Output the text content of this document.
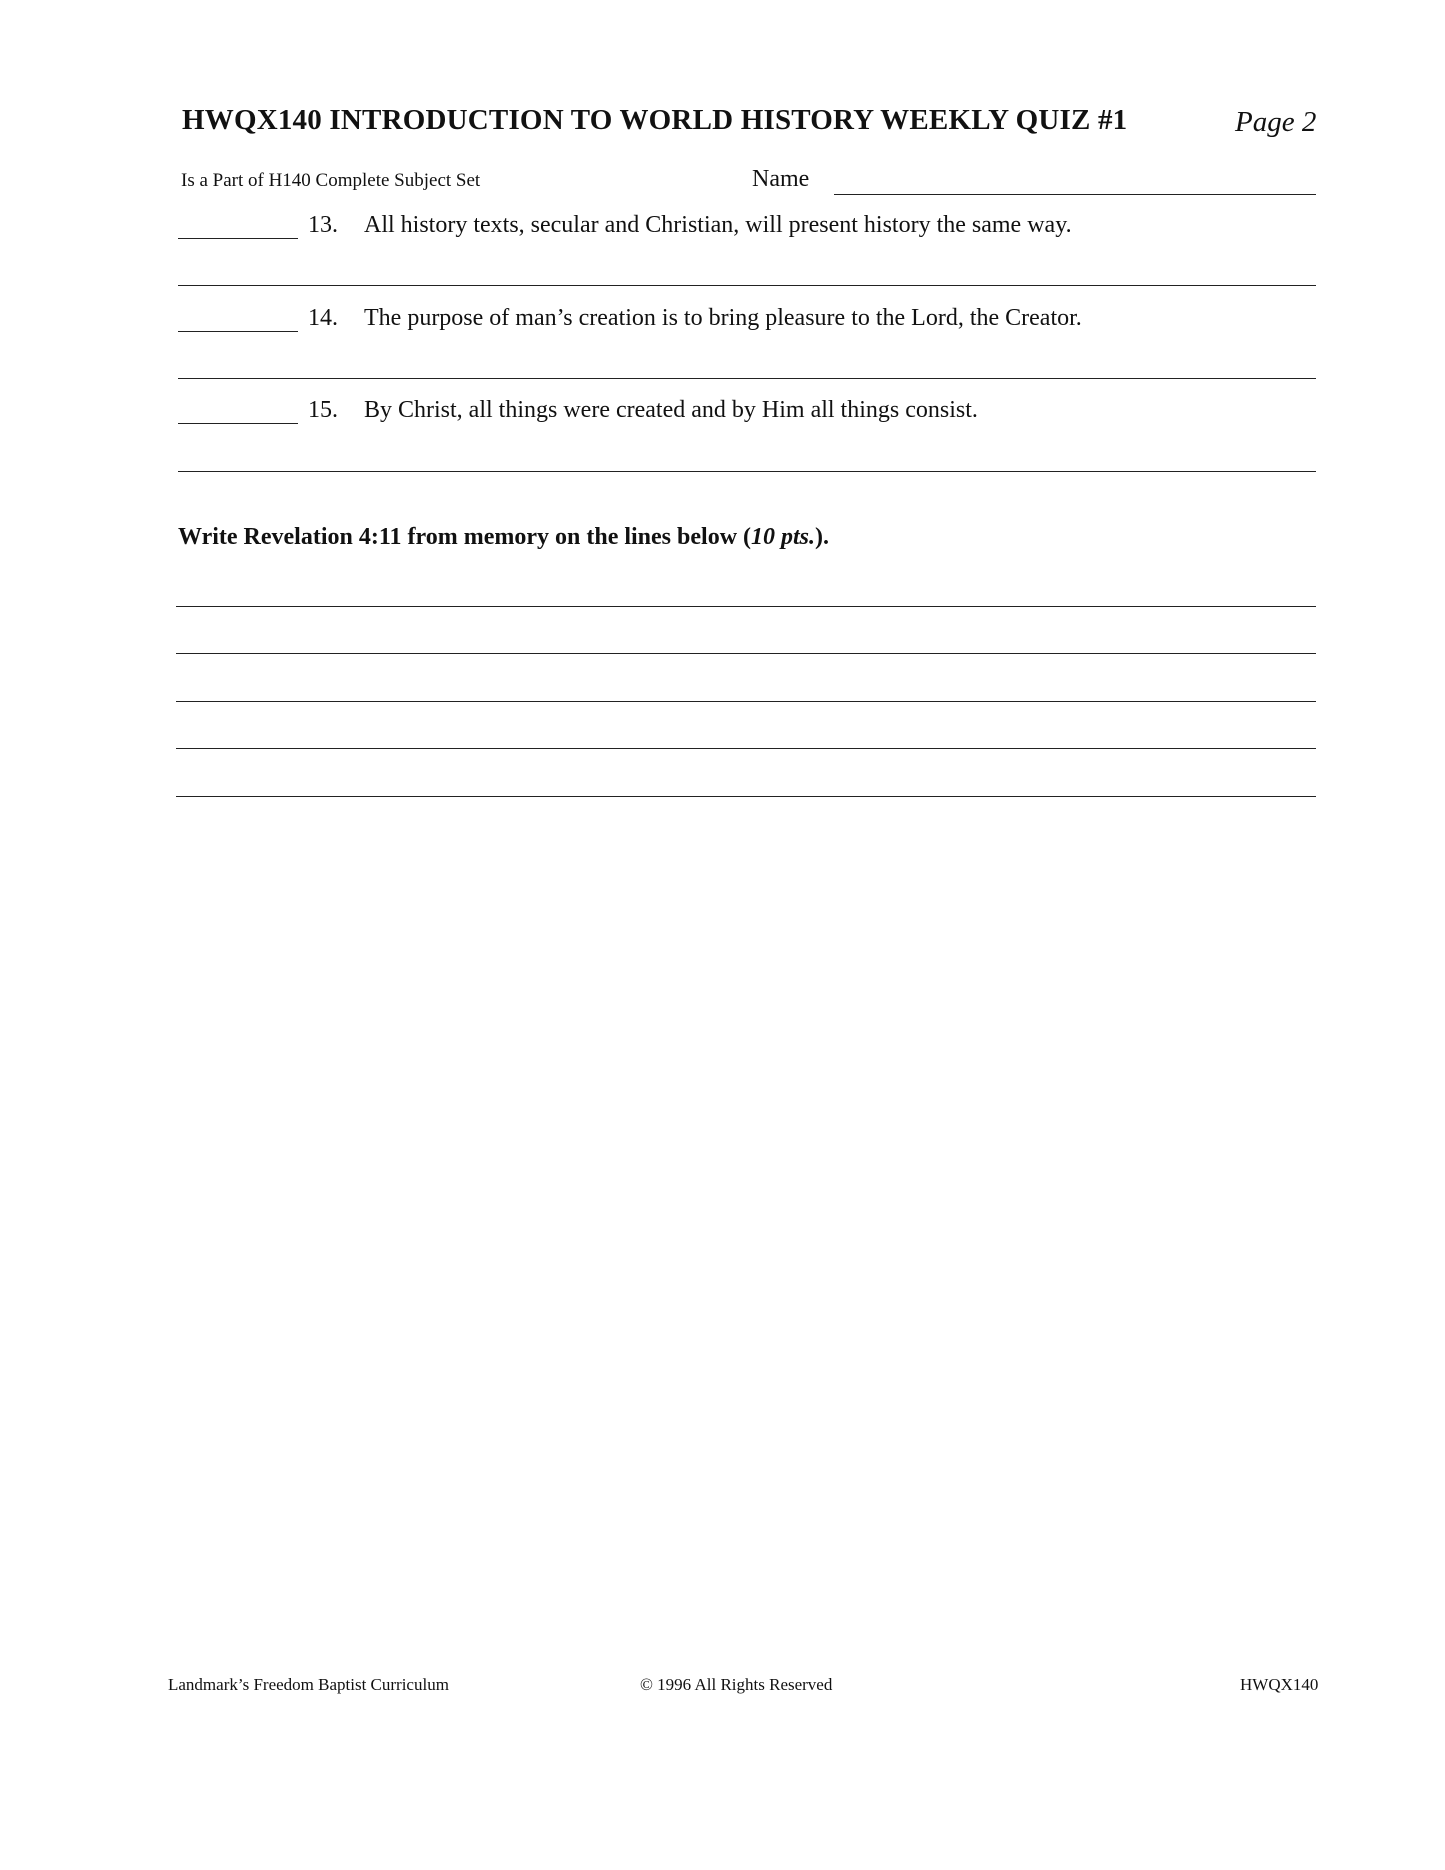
HWQX140 INTRODUCTION TO WORLD HISTORY WEEKLY QUIZ #1	Page 2
Is a Part of H140 Complete Subject Set	Name
13. All history texts, secular and Christian, will present history the same way.
14. The purpose of man’s creation is to bring pleasure to the Lord, the Creator.
15. By Christ, all things were created and by Him all things consist.
Write Revelation 4:11 from memory on the lines below (10 pts.).
Landmark’s Freedom Baptist Curriculum	© 1996 All Rights Reserved	HWQX140
